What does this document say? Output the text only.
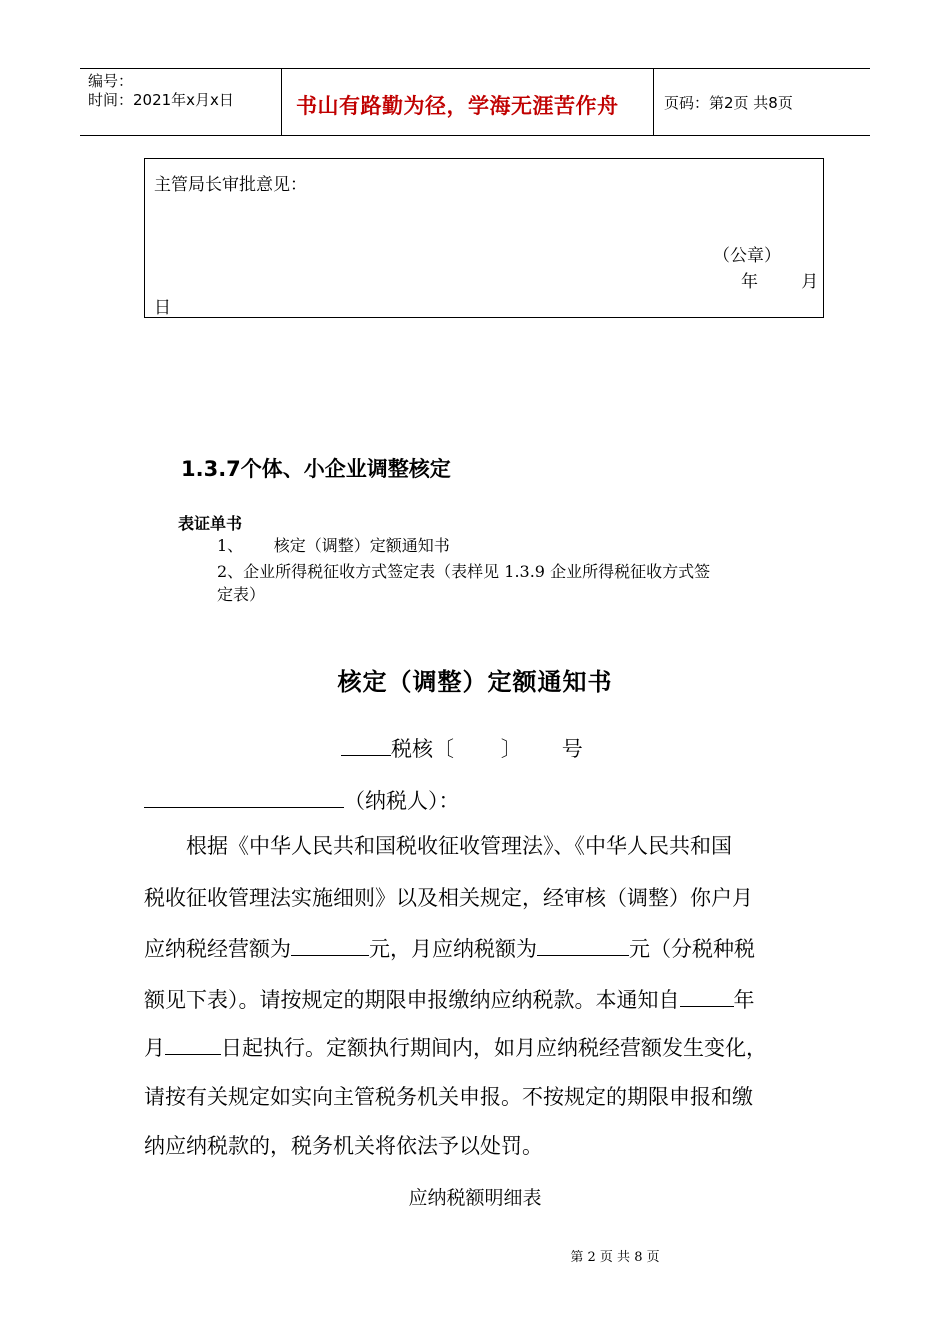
编号：
时间：2021年x月x日	书山有路勤为径，学海无涯苦作舟	页码：第2页 共8页
主管局长审批意见：
（公章）
年        月
日
1.3.7个体、小企业调整核定
表证单书
1、      核定（调整）定额通知书
2、企业所得税征收方式签定表（表样见 1.3.9 企业所得税征收方式签
定表）
核定（调整）定额通知书
税核〔       〕      号
（纳税人）：
根据《中华人民共和国税收征收管理法》、《中华人民共和国
税收征收管理法实施细则》以及相关规定，经审核（调整）你户月
应纳税经营额为	元，月应纳税额为	元（分税种税
额见下表）。请按规定的期限申报缴纳应纳税款。本通知自	年
月	日起执行。定额执行期间内，如月应纳税经营额发生变化，
请按有关规定如实向主管税务机关申报。不按规定的期限申报和缴
纳应纳税款的，税务机关将依法予以处罚。
应纳税额明细表
第 2 页 共 8 页
